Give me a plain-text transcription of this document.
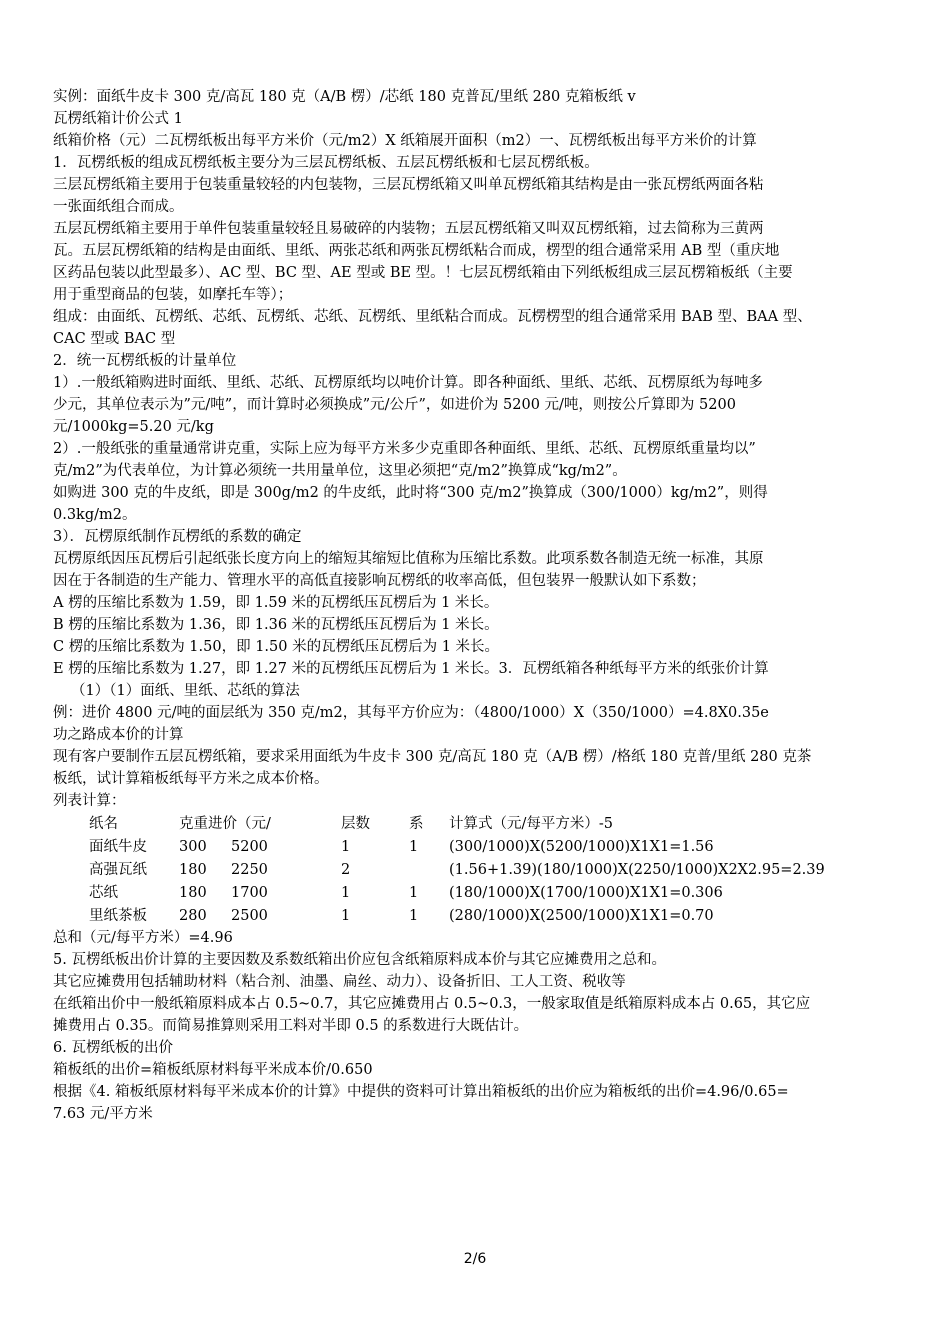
实例：面纸牛皮卡 300 克/高瓦 180 克（A/B 楞）/芯纸 180 克普瓦/里纸 280 克箱板纸 v
瓦楞纸箱计价公式 1
纸箱价格（元）二瓦楞纸板出每平方米价（元/m2）X 纸箱展开面积（m2）一、瓦楞纸板出每平方米价的计算
1．瓦楞纸板的组成瓦楞纸板主要分为三层瓦楞纸板、五层瓦楞纸板和七层瓦楞纸板。
三层瓦楞纸箱主要用于包装重量较轻的内包装物，三层瓦楞纸箱又叫单瓦楞纸箱其结构是由一张瓦楞纸两面各粘
一张面纸组合而成。
五层瓦楞纸箱主要用于单件包装重量较轻且易破碎的内装物；五层瓦楞纸箱又叫双瓦楞纸箱，过去简称为三黄两
瓦。五层瓦楞纸箱的结构是由面纸、里纸、两张芯纸和两张瓦楞纸粘合而成，楞型的组合通常采用 AB 型（重庆地
区药品包装以此型最多）、AC 型、BC 型、AE 型或 BE 型。！七层瓦楞纸箱由下列纸板组成三层瓦楞箱板纸（主要
用于重型商品的包装，如摩托车等）；
组成：由面纸、瓦楞纸、芯纸、瓦楞纸、芯纸、瓦楞纸、里纸粘合而成。瓦楞楞型的组合通常采用 BAB 型、BAA 型、
CAC 型或 BAC 型
2．统一瓦楞纸板的计量单位
1）.一般纸箱购进时面纸、里纸、芯纸、瓦楞原纸均以吨价计算。即各种面纸、里纸、芯纸、瓦楞原纸为每吨多
少元，其单位表示为”元/吨”，而计算时必须换成”元/公斤”，如进价为 5200 元/吨，则按公斤算即为 5200
元/1000kg=5.20 元/kg
2）.一般纸张的重量通常讲克重，实际上应为每平方米多少克重即各种面纸、里纸、芯纸、瓦楞原纸重量均以”
克/m2”为代表单位，为计算必须统一共用量单位，这里必须把“克/m2”换算成“kg/m2”。
如购进 300 克的牛皮纸，即是 300g/m2 的牛皮纸，此时将“300 克/m2”换算成（300/1000）kg/m2”，则得
0.3kg/m2。
3）．瓦楞原纸制作瓦楞纸的系数的确定
瓦楞原纸因压瓦楞后引起纸张长度方向上的缩短其缩短比值称为压缩比系数。此项系数各制造无统一标准，其原
因在于各制造的生产能力、管理水平的高低直接影响瓦楞纸的收率高低，但包装界一般默认如下系数；
A 楞的压缩比系数为 1.59，即 1.59 米的瓦楞纸压瓦楞后为 1 米长。
B 楞的压缩比系数为 1.36，即 1.36 米的瓦楞纸压瓦楞后为 1 米长。
C 楞的压缩比系数为 1.50，即 1.50 米的瓦楞纸压瓦楞后为 1 米长。
E 楞的压缩比系数为 1.27，即 1.27 米的瓦楞纸压瓦楞后为 1 米长。3．瓦楞纸箱各种纸每平方米的纸张价计算
（1）（1）面纸、里纸、芯纸的算法
例：进价 4800 元/吨的面层纸为 350 克/m2，其每平方价应为：（4800/1000）X（350/1000）=4.8X0.35e
功之路成本价的计算
现有客户要制作五层瓦楞纸箱，要求采用面纸为牛皮卡 300 克/高瓦 180 克（A/B 楞）/格纸 180 克普/里纸 280 克茶
板纸，试计算箱板纸每平方米之成本价格。
列表计算：
纸名	克重进价（元/		层数	系	计算式（元/每平方米）-5
面纸牛皮	300	5200	1	1	(300/1000)X(5200/1000)X1X1=1.56
高强瓦纸	180	2250	2		(1.56+1.39)(180/1000)X(2250/1000)X2X2.95=2.39
芯纸	180	1700	1	1	(180/1000)X(1700/1000)X1X1=0.306
里纸茶板	280	2500	1	1	(280/1000)X(2500/1000)X1X1=0.70
总和（元/每平方米）=4.96
5. 瓦楞纸板出价计算的主要因数及系数纸箱出价应包含纸箱原料成本价与其它应摊费用之总和。
其它应摊费用包括辅助材料（粘合剂、油墨、扁丝、动力）、设备折旧、工人工资、税收等
在纸箱出价中一般纸箱原料成本占 0.5~0.7，其它应摊费用占 0.5~0.3，一般家取值是纸箱原料成本占 0.65，其它应
摊费用占 0.35。而简易推算则采用工料对半即 0.5 的系数进行大既估计。
6. 瓦楞纸板的出价
箱板纸的出价=箱板纸原材料每平米成本价/0.650
根据《4. 箱板纸原材料每平米成本价的计算》中提供的资料可计算出箱板纸的出价应为箱板纸的出价=4.96/0.65=
7.63 元/平方米
2/6
